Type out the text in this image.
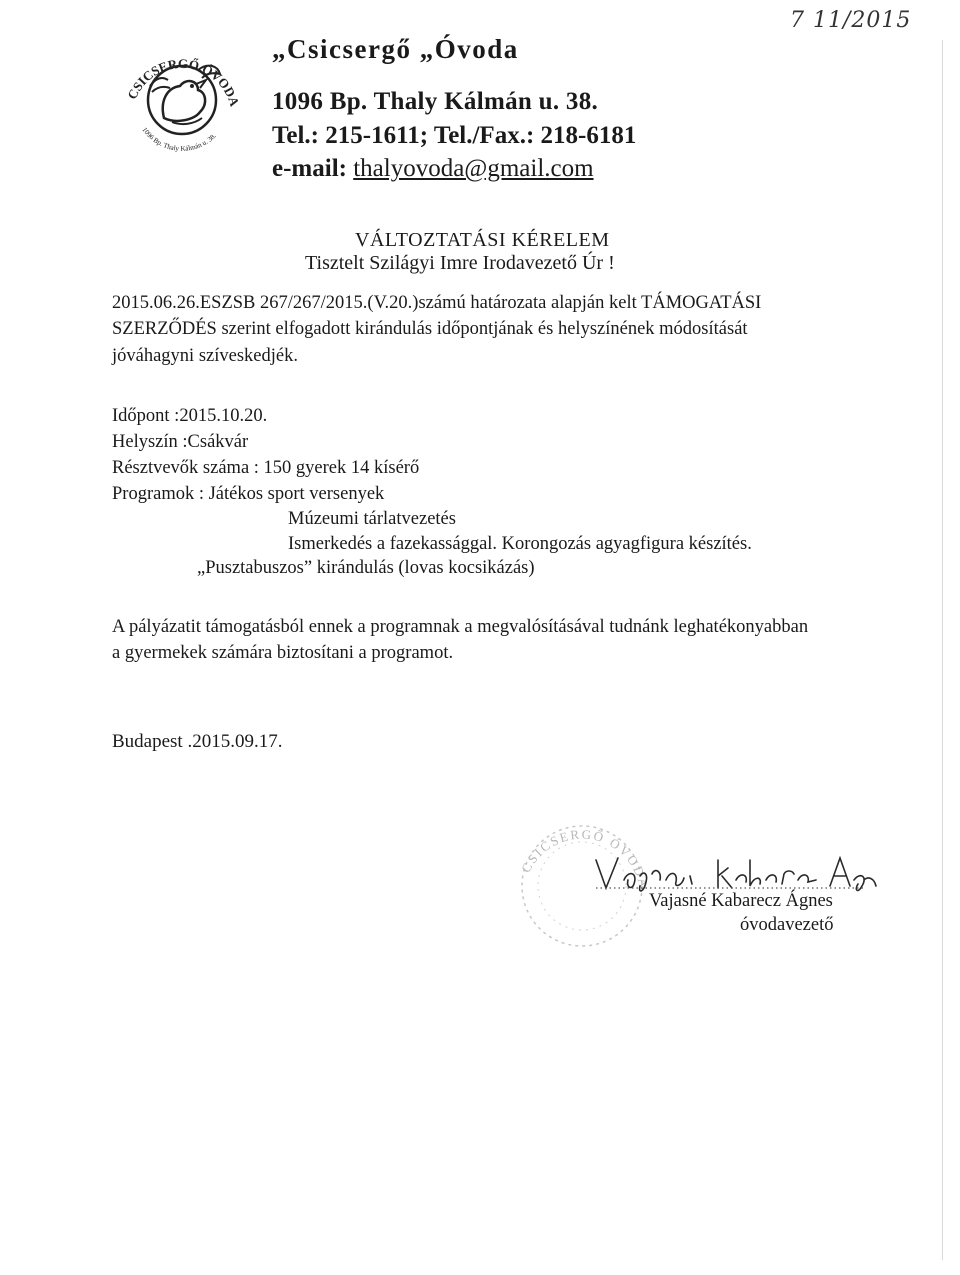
7 11/2015
CSICSERGŐ ÓVODA
1096 Bp. Thaly Kálmán u. 38.
„Csicsergő „Óvoda
1096 Bp. Thaly Kálmán u. 38.
Tel.: 215-1611; Tel./Fax.: 218-6181
e-mail: thalyovoda@gmail.com
VÁLTOZTATÁSI KÉRELEM
Tisztelt Szilágyi Imre Irodavezető Úr !
2015.06.26.ESZSB 267/267/2015.(V.20.)számú határozata alapján kelt TÁMOGATÁSI
SZERZŐDÉS szerint elfogadott kirándulás időpontjának és helyszínének módosítását
jóváhagyni szíveskedjék.
Időpont :2015.10.20.
Helyszín :Csákvár
Résztvevők száma : 150 gyerek 14 kísérő
Programok : Játékos sport versenyek
Múzeumi tárlatvezetés
Ismerkedés a fazekassággal. Korongozás agyagfigura készítés.
„Pusztabuszos” kirándulás (lovas kocsikázás)
A pályázatit támogatásból ennek a programnak a megvalósításával tudnánk leghatékonyabban
a gyermekek számára biztosítani a programot.
Budapest .2015.09.17.
CSICSERGŐ ÓVODA
Vajasné Kabarecz Ágnes
óvodavezető
